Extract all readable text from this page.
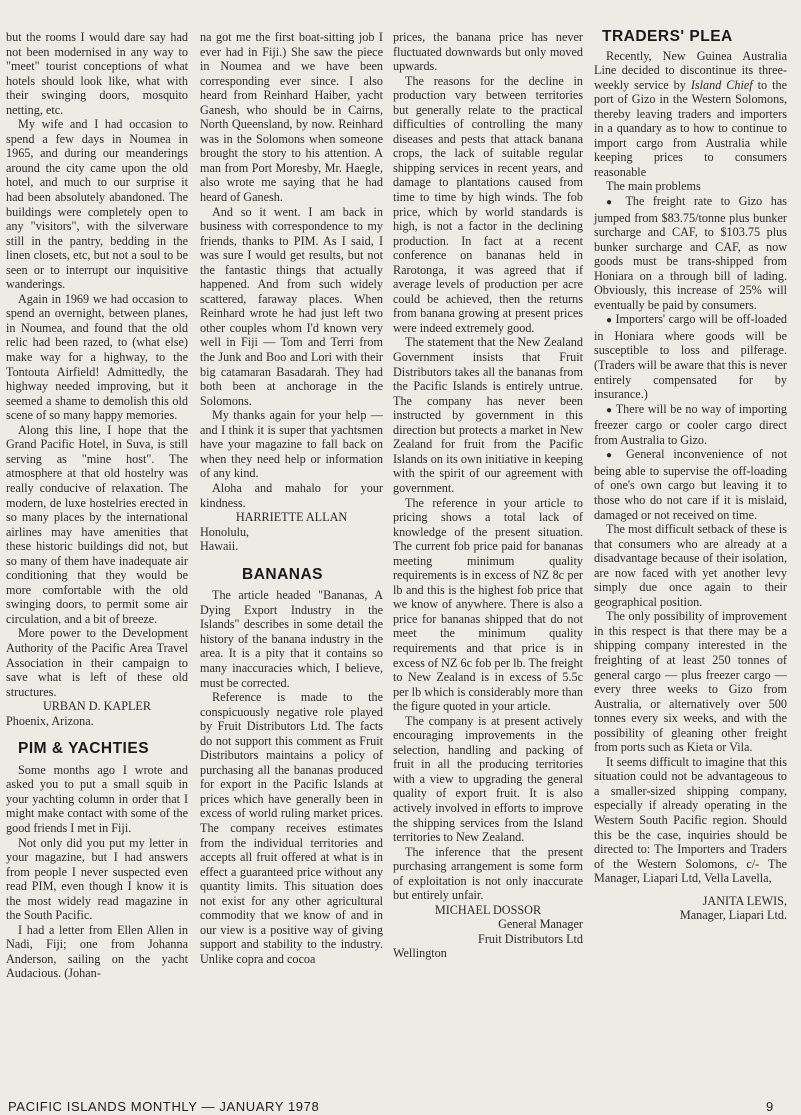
but the rooms I would dare say had not been modernised in any way to "meet" tourist conceptions of what hotels should look like, what with their swinging doors, mosquito netting, etc.

My wife and I had occasion to spend a few days in Noumea in 1965, and during our meanderings around the city came upon the old hotel, and much to our surprise it had been absolutely abandoned. The buildings were completely open to any "visitors", with the silverware still in the pantry, bedding in the linen closets, etc, but not a soul to be seen or to interrupt our inquisitive wanderings.

Again in 1969 we had occasion to spend an overnight, between planes, in Noumea, and found that the old relic had been razed, to (what else) make way for a highway, to the Tontouta Airfield! Admittedly, the highway needed improving, but it seemed a shame to demolish this old scene of so many happy memories.

Along this line, I hope that the Grand Pacific Hotel, in Suva, is still serving as "mine host". The atmosphere at that old hostelry was really conducive of relaxation. The modern, de luxe hostelries erected in so many places by the international airlines may have amenities that these historic buildings did not, but so many of them have inadequate air conditioning that they would be more comfortable with the old swinging doors, to permit some air circulation, and a bit of breeze.

More power to the Development Authority of the Pacific Area Travel Association in their campaign to save what is left of these old structures.

URBAN D. KAPLER
Phoenix, Arizona.
PIM & YACHTIES

Some months ago I wrote and asked you to put a small squib in your yachting column in order that I might make contact with some of the good friends I met in Fiji.

Not only did you put my letter in your magazine, but I had answers from people I never suspected even read PIM, even though I know it is the most widely read magazine in the South Pacific.

I had a letter from Ellen Allen in Nadi, Fiji; one from Johanna Anderson, sailing on the yacht Audacious. (Johan-

na got me the first boat-sitting job I ever had in Fiji.) She saw the piece in Noumea and we have been corresponding ever since. I also heard from Reinhard Haiber, yacht Ganesh, who should be in Cairns, North Queensland, by now. Reinhard was in the Solomons when someone brought the story to his attention. A man from Port Moresby, Mr. Haegle, also wrote me saying that he had heard of Ganesh.

And so it went. I am back in business with correspondence to my friends, thanks to PIM. As I said, I was sure I would get results, but not the fantastic things that actually happened. And from such widely scattered, faraway places. When Reinhard wrote he had just left two other couples whom I'd known very well in Fiji — Tom and Terri from the Junk and Boo and Lori with their big catamaran Basadarah. They had both been at anchorage in the Solomons.

My thanks again for your help — and I think it is super that yachtsmen have your magazine to fall back on when they need help or information of any kind.

Aloha and mahalo for your kindness.

HARRIETTE ALLAN
Honolulu,
Hawaii.
BANANAS

The article headed "Bananas, A Dying Export Industry in the Islands" describes in some detail the history of the banana industry in the area. It is a pity that it contains so many inaccuracies which, I believe, must be corrected.

Reference is made to the conspicuously negative role played by Fruit Distributors Ltd. The facts do not support this comment as Fruit Distributors maintains a policy of purchasing all the bananas produced for export in the Pacific Islands at prices which have generally been in excess of world ruling market prices. The company receives estimates from the individual territories and accepts all fruit offered at what is in effect a guaranteed price without any quantity limits. This situation does not exist for any other agricultural commodity that we know of and in our view is a positive way of giving support and stability to the industry. Unlike copra and cocoa

prices, the banana price has never fluctuated downwards but only moved upwards.

The reasons for the decline in production vary between territories but generally relate to the practical difficulties of controlling the many diseases and pests that attack banana crops, the lack of suitable regular shipping services in recent years, and damage to plantations caused from time to time by high winds. The fob price, which by world standards is high, is not a factor in the declining production. In fact at a recent conference on bananas held in Rarotonga, it was agreed that if average levels of production per acre could be achieved, then the returns from banana growing at present prices were indeed extremely good.

The statement that the New Zealand Government insists that Fruit Distributors takes all the bananas from the Pacific Islands is entirely untrue. The company has never been instructed by government in this direction but protects a market in New Zealand for fruit from the Pacific Islands on its own initiative in keeping with the spirit of our agreement with government.

The reference in your article to pricing shows a total lack of knowledge of the present situation. The current fob price paid for bananas meeting minimum quality requirements is in excess of NZ 8c per lb and this is the highest fob price that we know of anywhere. There is also a price for bananas shipped that do not meet the minimum quality requirements and that price is in excess of NZ 6c fob per lb. The freight to New Zealand is in excess of 5.5c per lb which is considerably more than the figure quoted in your article.

The company is at present actively encouraging improvements in the selection, handling and packing of fruit in all the producing territories with a view to upgrading the general quality of export fruit. It is also actively involved in efforts to improve the shipping services from the Island territories to New Zealand.

The inference that the present purchasing arrangement is some form of exploitation is not only inaccurate but entirely unfair.

MICHAEL DOSSOR
General Manager
Fruit Distributors Ltd
Wellington
TRADERS' PLEA

Recently, New Guinea Australia Line decided to discontinue its three-weekly service by Island Chief to the port of Gizo in the Western Solomons, thereby leaving traders and importers in a quandary as to how to continue to import cargo from Australia while keeping prices to consumers reasonable

The main problems

● The freight rate to Gizo has jumped from $83.75/tonne plus bunker surcharge and CAF, to $103.75 plus bunker surcharge and CAF, as now goods must be trans-shipped from Honiara on a through bill of lading. Obviously, this increase of 25% will eventually be paid by consumers.

● Importers' cargo will be off-loaded in Honiara where goods will be susceptible to loss and pilferage. (Traders will be aware that this is never entirely compensated for by insurance.)

● There will be no way of importing freezer cargo or cooler cargo direct from Australia to Gizo.

● General inconvenience of not being able to supervise the off-loading of one's own cargo but leaving it to those who do not care if it is mislaid, damaged or not received on time.

The most difficult setback of these is that consumers who are already at a disadvantage because of their isolation, are now faced with yet another levy simply due once again to their geographical position.

The only possibility of improvement in this respect is that there may be a shipping company interested in the freighting of at least 250 tonnes of general cargo — plus freezer cargo — every three weeks to Gizo from Australia, or alternatively over 500 tonnes every six weeks, and with the possibility of gleaning other freight from ports such as Kieta or Vila.

It seems difficult to imagine that this situation could not be advantageous to a smaller-sized shipping company, especially if already operating in the Western South Pacific region. Should this be the case, inquiries should be directed to: The Importers and Traders of the Western Solomons, c/- The Manager, Liapari Ltd, Vella Lavella,

JANITA LEWIS,
Manager, Liapari Ltd.
PACIFIC ISLANDS MONTHLY — JANUARY 1978	9
